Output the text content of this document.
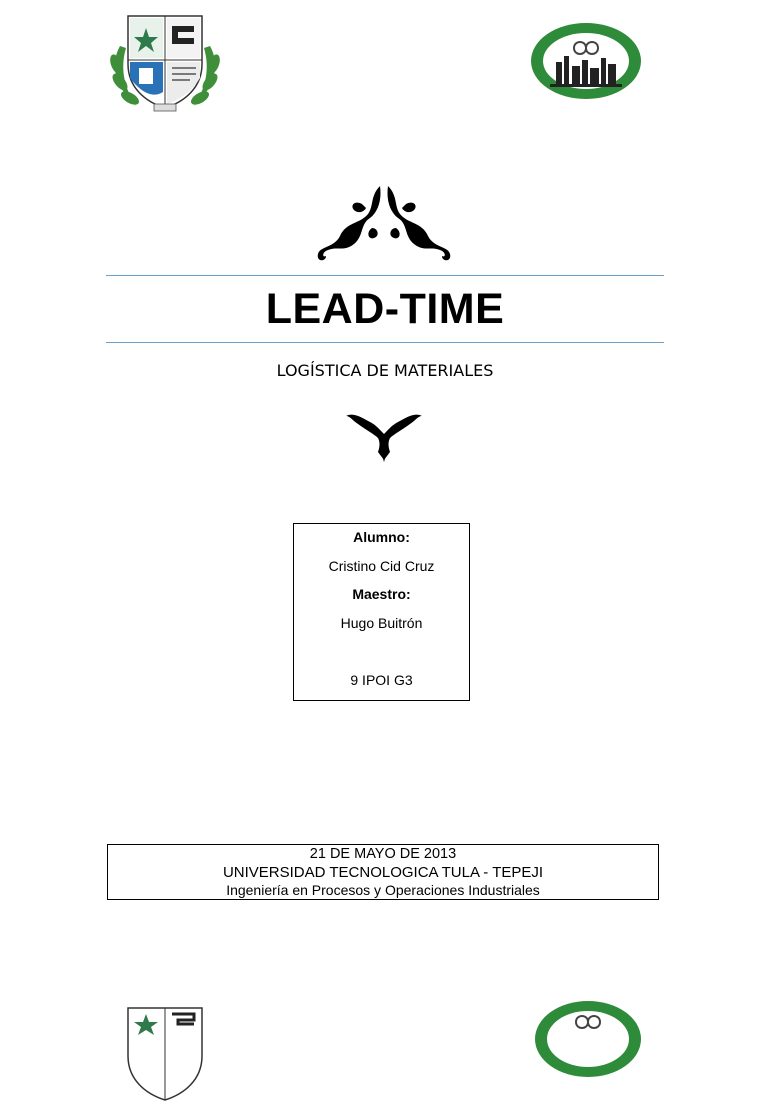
LEAD-TIME
LOGÍSTICA DE MATERIALES
Alumno:
Cristino Cid Cruz
Maestro:
Hugo Buitrón
9 IPOI G3
21 DE MAYO DE 2013
UNIVERSIDAD TECNOLOGICA TULA - TEPEJI
Ingeniería en Procesos y Operaciones Industriales
